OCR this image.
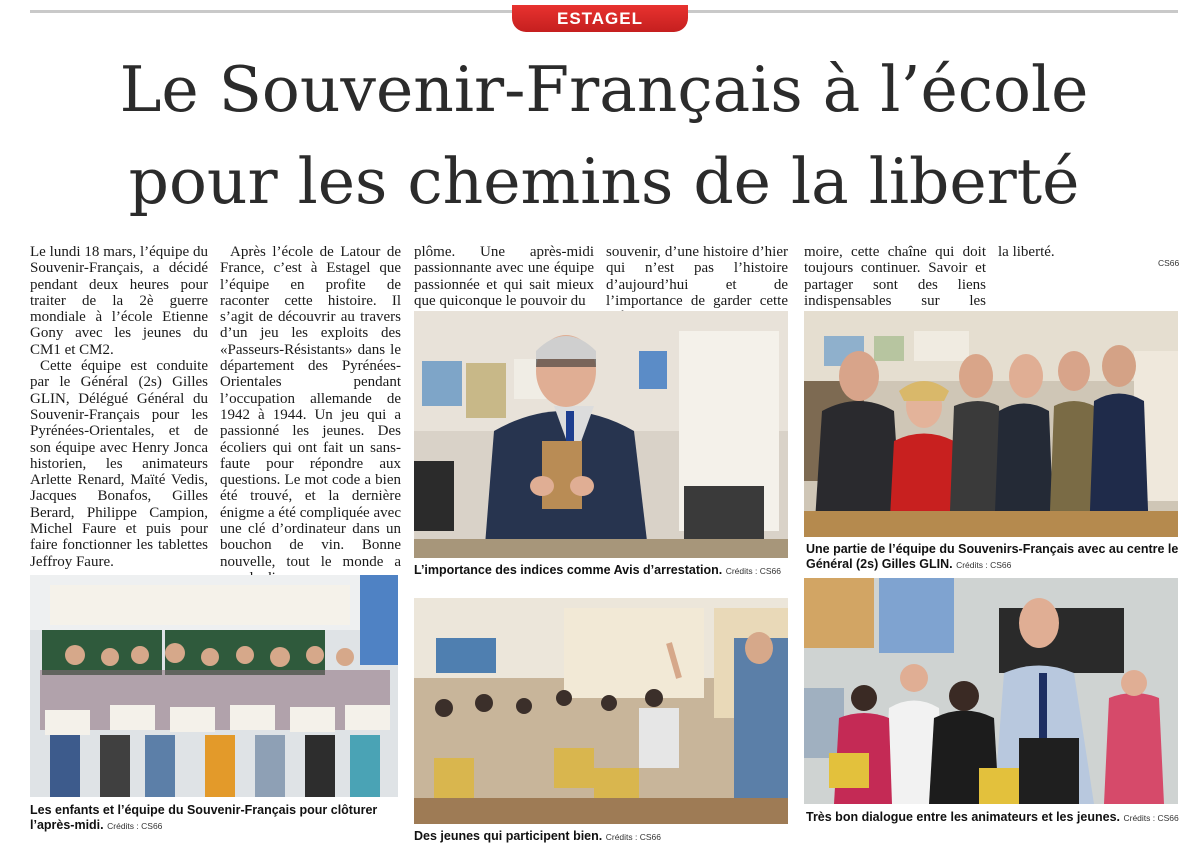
ESTAGEL
Le Souvenir-Français à l’école
pour les chemins de la liberté

Le lundi 18 mars, l’équipe du Souvenir-Français, a décidé pendant deux heures pour traiter de la 2è guerre mondiale à l’école Etienne Gony avec les jeunes du CM1 et CM2.

Cette équipe est conduite par le Général (2s) Gilles GLIN, Délégué Général du Souvenir-Français pour les Pyrénées-Orientales, et de son équipe avec Henry Jonca historien, les animateurs Arlette Renard, Maïté Vedis, Jacques Bonafos, Gilles Berard, Philippe Campion, Michel Faure et puis pour faire fonctionner les tablettes Jeffroy Faure.

Après l’école de Latour de France, c’est à Estagel que l’équipe en profite de raconter cette histoire. Il s’agit de découvrir au travers d’un jeu les exploits des «Passeurs-Résistants» dans le département des Pyrénées-Orientales pendant l’occupation allemande de 1942 à 1944. Un jeu qui a passionné les jeunes. Des écoliers qui ont fait un sans-faute pour répondre aux questions. Le mot code a bien été trouvé, et la dernière énigme a été compliquée avec une clé d’ordinateur dans un bouchon de vin. Bonne nouvelle, tout le monde a

plôme. Une après-midi passionnante avec une équipe passionnée et qui sait mieux que quiconque le pouvoir du

souvenir, d’une histoire d’hier qui n’est pas l’histoire d’aujourd’hui et de l’importance de garder cette

moire, cette chaîne qui doit toujours continuer. Savoir et partager sont des liens indispensables sur les

la liberté.

CS66
L’importance des indices comme Avis d’arrestation. Crédits : CS66
Une partie de l’équipe du Souvenirs-Français avec au centre le Général (2s) Gilles GLIN. Crédits : CS66
Les enfants et l’équipe du Souvenir-Français pour clôturer l’après-midi. Crédits : CS66
Des jeunes qui participent bien. Crédits : CS66
Très bon dialogue entre les animateurs et les jeunes. Crédits : CS66
